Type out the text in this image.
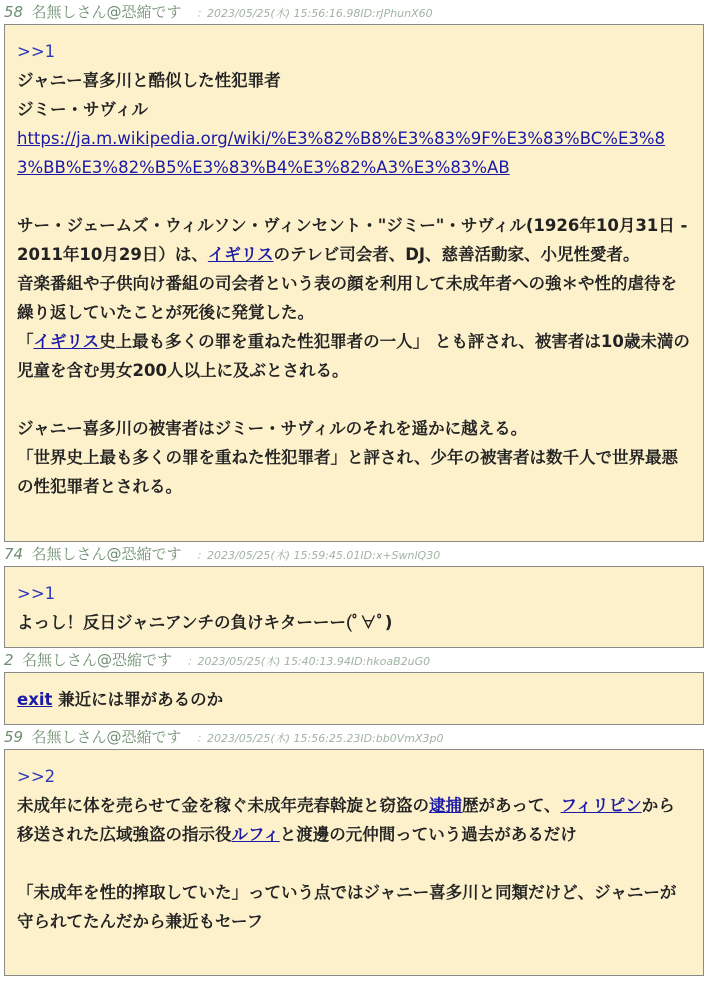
58 名無しさん@恐縮です ：2023/05/25(木) 15:56:16.98ID:rJPhunX60

>>1

ジャニー喜多川と酷似した性犯罪者

ジミー・サヴィル

https://ja.m.wikipedia.org/wiki/%E3%82%B8%E3%83%9F%E3%83%BC%E3%83%BB%E3%82%B5%E3%83%B4%E3%82%A3%E3%83%AB

サー・ジェームズ・ウィルソン・ヴィンセント・"ジミー"・サヴィル(1926年10月31日 - 2011年10月29日）は、イギリスのテレビ司会者、DJ、慈善活動家、小児性愛者。

音楽番組や子供向け番組の司会者という表の顔を利用して未成年者への強＊や性的虐待を繰り返していたことが死後に発覚した。

「イギリス史上最も多くの罪を重ねた性犯罪者の一人」 とも評され、被害者は10歳未満の児童を含む男女200人以上に及ぶとされる。

ジャニー喜多川の被害者はジミー・サヴィルのそれを遥かに越える。

「世界史上最も多くの罪を重ねた性犯罪者」と評され、少年の被害者は数千人で世界最悪の性犯罪者とされる。

74 名無しさん@恐縮です ：2023/05/25(木) 15:59:45.01ID:x+SwnlQ30

>>1

よっし！反日ジャニアンチの負けキターーー(ﾟ∀ﾟ)

2 名無しさん@恐縮です ：2023/05/25(木) 15:40:13.94ID:hkoaB2uG0

exit 兼近には罪があるのか

59 名無しさん@恐縮です ：2023/05/25(木) 15:56:25.23ID:bb0VmX3p0

>>2

未成年に体を売らせて金を稼ぐ未成年売春斡旋と窃盗の逮捕歴があって、フィリピンから移送された広域強盗の指示役ルフィと渡邊の元仲間っていう過去があるだけ

「未成年を性的搾取していた」っていう点ではジャニー喜多川と同類だけど、ジャニーが守られてたんだから兼近もセーフ
